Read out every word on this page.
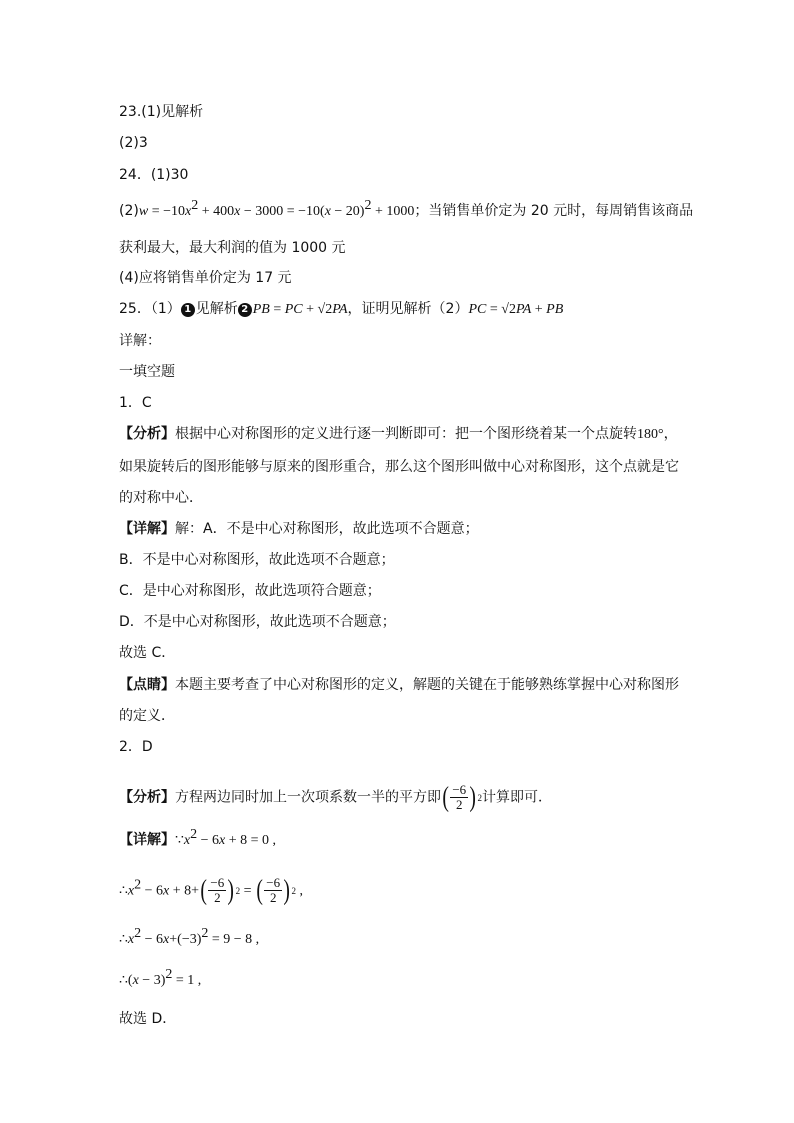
23.(1)见解析
(2)3
24．(1)30
$(2)w = -10x^2 + 400x - 3000 = -10(x - 20)^2 + 1000$；当销售单价定为 20 元时，每周销售该商品
获利最大，最大利润的值为 1000 元
(4)应将销售单价定为 17 元
25．（1） 1 见解析 2 PB = PC + √2PA，证明见解析（2）PC = √2PA + PB
详解：
一填空题
1．C
【分析】根据中心对称图形的定义进行逐一判断即可：把一个图形绕着某一个点旋转180°，
如果旋转后的图形能够与原来的图形重合，那么这个图形叫做中心对称图形，这个点就是它
的对称中心．
【详解】解：A．不是中心对称图形，故此选项不合题意；
B．不是中心对称图形，故此选项不合题意；
C．是中心对称图形，故此选项符合题意；
D．不是中心对称图形，故此选项不合题意；
故选 C．
【点睛】本题主要考查了中心对称图形的定义，解题的关键在于能够熟练掌握中心对称图形
的定义．
2．D
【分析】方程两边同时加上一次项系数一半的平方即 ( $\frac{-6}{2}$ ) 2 计算即可．
【详解】$\because x^2 - 6x + 8 = 0$ ,
$\therefore x^2 - 6x + 8+$ ( $\frac{-6}{2}$ ) 2 = ( $\frac{-6}{2}$ ) 2 ,
$\therefore x^2 - 6x+(-3)^2 = 9 - 8$ ,
∴(x − 3)$^2$ = 1 ,
故选 D．
